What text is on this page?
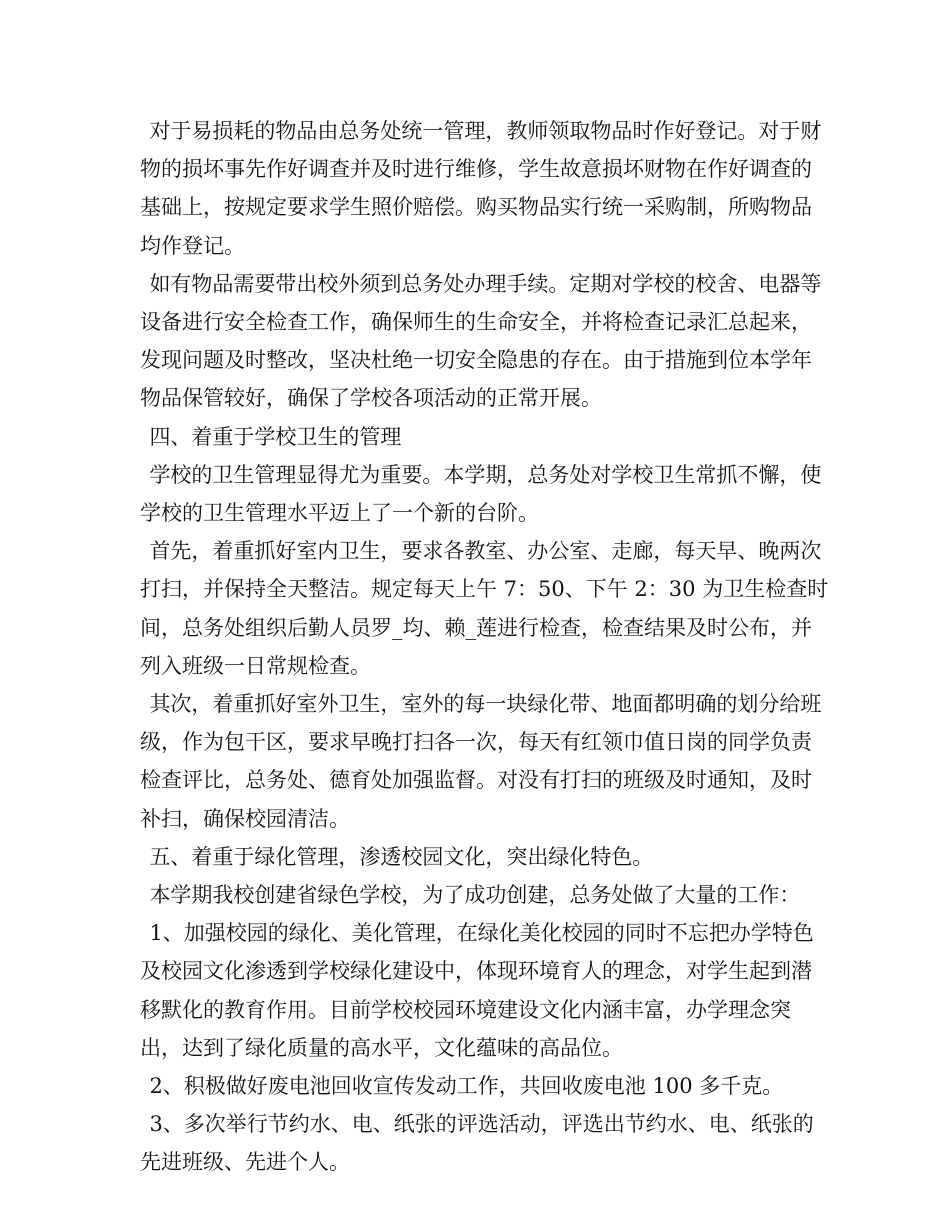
对于易损耗的物品由总务处统一管理，教师领取物品时作好登记。对于财物的损坏事先作好调查并及时进行维修，学生故意损坏财物在作好调查的基础上，按规定要求学生照价赔偿。购买物品实行统一采购制，所购物品均作登记。

如有物品需要带出校外须到总务处办理手续。定期对学校的校舍、电器等设备进行安全检查工作，确保师生的生命安全，并将检查记录汇总起来，发现问题及时整改，坚决杜绝一切安全隐患的存在。由于措施到位本学年物品保管较好，确保了学校各项活动的正常开展。

四、着重于学校卫生的管理

学校的卫生管理显得尤为重要。本学期，总务处对学校卫生常抓不懈，使学校的卫生管理水平迈上了一个新的台阶。

首先，着重抓好室内卫生，要求各教室、办公室、走廊，每天早、晚两次打扫，并保持全天整洁。规定每天上午 7：50、下午 2：30 为卫生检查时间，总务处组织后勤人员罗_均、赖_莲进行检查，检查结果及时公布，并列入班级一日常规检查。

其次，着重抓好室外卫生，室外的每一块绿化带、地面都明确的划分给班级，作为包干区，要求早晚打扫各一次，每天有红领巾值日岗的同学负责检查评比，总务处、德育处加强监督。对没有打扫的班级及时通知，及时补扫，确保校园清洁。

五、着重于绿化管理，渗透校园文化，突出绿化特色。

本学期我校创建省绿色学校，为了成功创建，总务处做了大量的工作：

1、加强校园的绿化、美化管理，在绿化美化校园的同时不忘把办学特色及校园文化渗透到学校绿化建设中，体现环境育人的理念，对学生起到潜移默化的教育作用。目前学校校园环境建设文化内涵丰富，办学理念突出，达到了绿化质量的高水平，文化蕴味的高品位。

2、积极做好废电池回收宣传发动工作，共回收废电池 100 多千克。

3、多次举行节约水、电、纸张的评选活动，评选出节约水、电、纸张的先进班级、先进个人。
